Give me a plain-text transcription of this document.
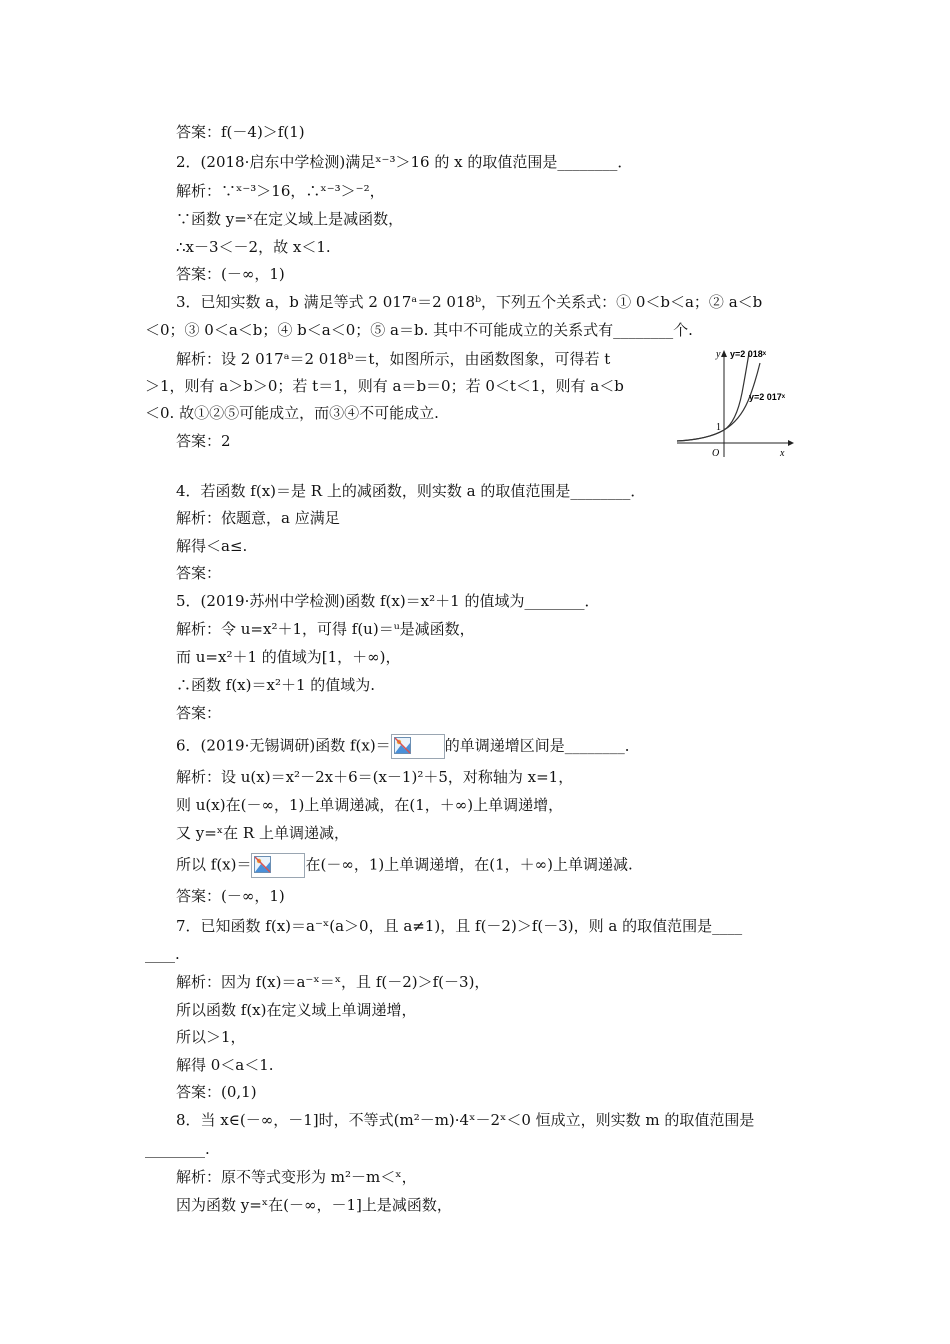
答案：f(－4)＞f(1)
2．(2018·启东中学检测)满足ˣ⁻³＞16 的 x 的取值范围是________．
解析：∵ˣ⁻³＞16，∴ˣ⁻³＞⁻²，
∵函数 y=ˣ在定义域上是减函数，
∴x－3＜－2，故 x＜1.
答案：(－∞，1)
3．已知实数 a，b 满足等式 2 017ᵃ＝2 018ᵇ，下列五个关系式：① 0＜b＜a；② a＜b
＜0；③ 0＜a＜b；④ b＜a＜0；⑤ a＝b. 其中不可能成立的关系式有________个.
解析：设 2 017ᵃ＝2 018ᵇ＝t，如图所示，由函数图象，可得若 t
＞1，则有 a＞b＞0；若 t＝1，则有 a＝b＝0；若 0＜t＜1，则有 a＜b
＜0. 故①②⑤可能成立，而③④不可能成立.
答案：2
y
x
O
1
y=2 018ˣ
y=2 017ˣ
4．若函数 f(x)＝是 R 上的减函数，则实数 a 的取值范围是________．
解析：依题意，a 应满足
解得＜a≤.
答案：
5．(2019·苏州中学检测)函数 f(x)＝x²＋1 的值域为________．
解析：令 u=x²＋1，可得 f(u)＝ᵘ是减函数，
而 u=x²＋1 的值域为[1，＋∞)，
∴函数 f(x)＝x²＋1 的值域为.
答案：
6．(2019·无锡调研)函数 f(x)＝	的单调递增区间是________．
解析：设 u(x)＝x²－2x＋6＝(x－1)²＋5，对称轴为 x=1，
则 u(x)在(－∞，1)上单调递减，在(1，＋∞)上单调递增，
又 y=ˣ在 R 上单调递减，
所以 f(x)＝	在(－∞，1)上单调递增，在(1，＋∞)上单调递减.
答案：(－∞，1)
7．已知函数 f(x)＝a⁻ˣ(a＞0，且 a≠1)，且 f(－2)＞f(－3)，则 a 的取值范围是____
____.
解析：因为 f(x)＝a⁻ˣ＝ˣ，且 f(－2)＞f(－3)，
所以函数 f(x)在定义域上单调递增，
所以＞1，
解得 0＜a＜1.
答案：(0,1)
8．当 x∈(－∞，－1]时，不等式(m²－m)·4ˣ－2ˣ＜0 恒成立，则实数 m 的取值范围是
________.
解析：原不等式变形为 m²－m＜ˣ，
因为函数 y=ˣ在(－∞，－1]上是减函数，
